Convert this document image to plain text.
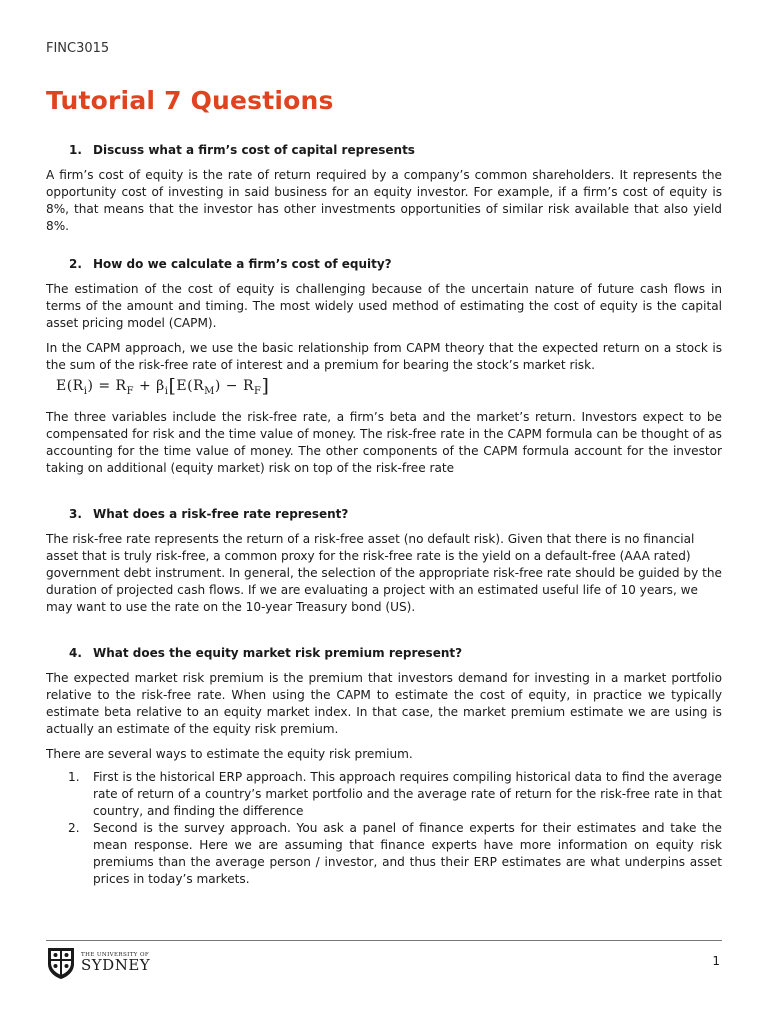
FINC3015
Tutorial 7 Questions
1. Discuss what a firm’s cost of capital represents

A firm’s cost of equity is the rate of return required by a company’s common shareholders. It represents the opportunity cost of investing in said business for an equity investor. For example, if a firm’s cost of equity is 8%, that means that the investor has other investments opportunities of similar risk available that also yield 8%.

2. How do we calculate a firm’s cost of equity?

The estimation of the cost of equity is challenging because of the uncertain nature of future cash flows in terms of the amount and timing. The most widely used method of estimating the cost of equity is the capital asset pricing model (CAPM).

In the CAPM approach, we use the basic relationship from CAPM theory that the expected return on a stock is the sum of the risk-free rate of interest and a premium for bearing the stock’s market risk.

$E(R_i) = R_F + \beta_i[E(R_M) - R_F]$

The three variables include the risk-free rate, a firm’s beta and the market’s return. Investors expect to be compensated for risk and the time value of money. The risk-free rate in the CAPM formula can be thought of as accounting for the time value of money. The other components of the CAPM formula account for the investor taking on additional (equity market) risk on top of the risk-free rate

3. What does a risk-free rate represent?

The risk-free rate represents the return of a risk-free asset (no default risk). Given that there is no financial asset that is truly risk-free, a common proxy for the risk-free rate is the yield on a default-free (AAA rated) government debt instrument. In general, the selection of the appropriate risk-free rate should be guided by the duration of projected cash flows. If we are evaluating a project with an estimated useful life of 10 years, we may want to use the rate on the 10-year Treasury bond (US).

4. What does the equity market risk premium represent?

The expected market risk premium is the premium that investors demand for investing in a market portfolio relative to the risk-free rate. When using the CAPM to estimate the cost of equity, in practice we typically estimate beta relative to an equity market index. In that case, the market premium estimate we are using is actually an estimate of the equity risk premium.

There are several ways to estimate the equity risk premium.

1. First is the historical ERP approach. This approach requires compiling historical data to find the average rate of return of a country’s market portfolio and the average rate of return for the risk-free rate in that country, and finding the difference
2. Second is the survey approach. You ask a panel of finance experts for their estimates and take the mean response. Here we are assuming that finance experts have more information on equity risk premiums than the average person / investor, and thus their ERP estimates are what underpins asset prices in today’s markets.
THE UNIVERSITY OF
SYDNEY	1
